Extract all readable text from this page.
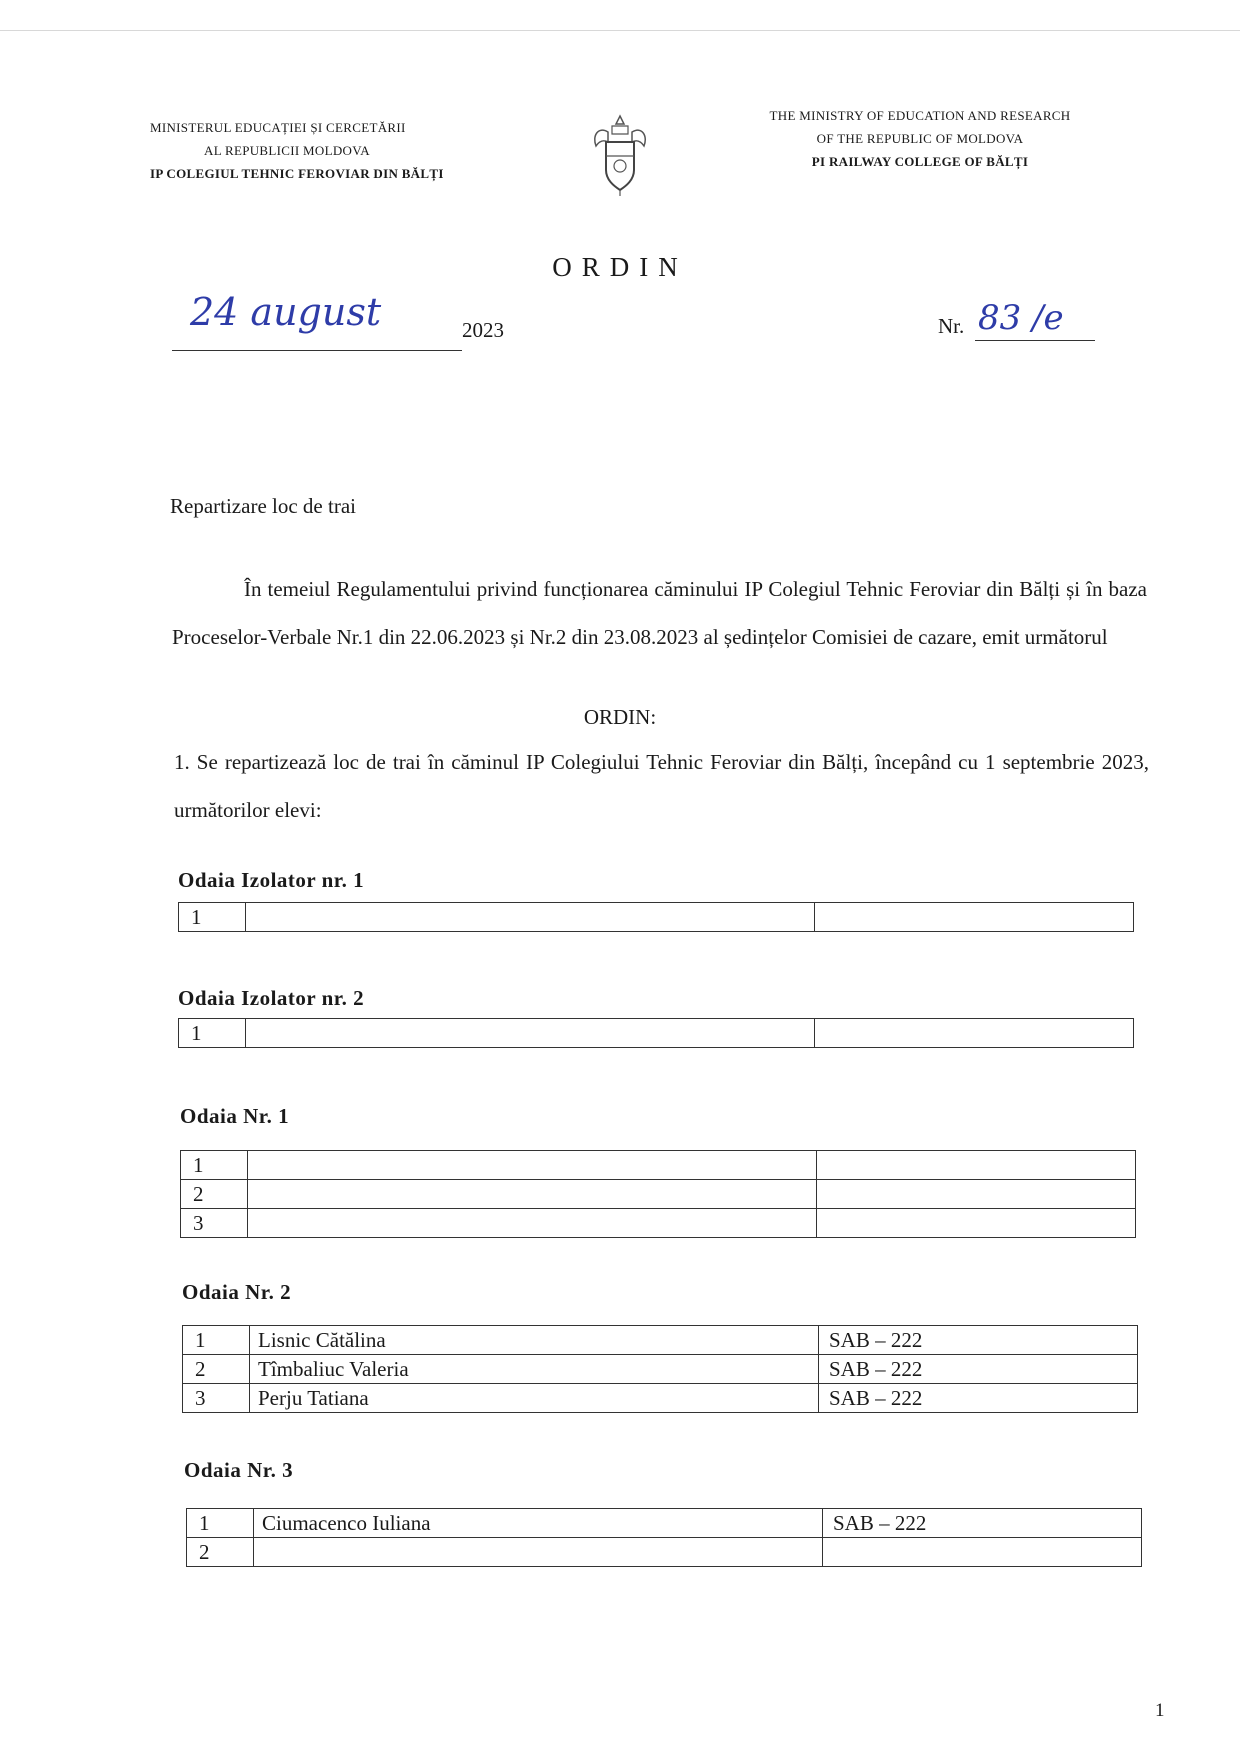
MINISTERUL EDUCAȚIEI ȘI CERCETĂRII
AL REPUBLICII MOLDOVA
IP COLEGIUL TEHNIC FEROVIAR DIN BĂLȚI
THE MINISTRY OF EDUCATION AND RESEARCH
OF THE REPUBLIC OF MOLDOVA
PI RAILWAY COLLEGE OF BĂLȚI
ORDIN
24 august	2023	Nr. 83 /e
Repartizare loc de trai
În temeiul Regulamentului privind funcționarea căminului IP Colegiul Tehnic Feroviar din Bălți și în baza Proceselor-Verbale Nr.1 din 22.06.2023 și Nr.2 din 23.08.2023 al ședințelor Comisiei de cazare, emit următorul
ORDIN:
1. Se repartizează loc de trai în căminul IP Colegiului Tehnic Feroviar din Bălți, începând cu 1 septembrie 2023, următorilor elevi:
Odaia Izolator nr. 1
1		
Odaia Izolator nr. 2
1		
Odaia Nr. 1
1		
2		
3		
Odaia Nr. 2
1	Lisnic Cătălina	SAB – 222
2	Tîmbaliuc Valeria	SAB – 222
3	Perju Tatiana	SAB – 222
Odaia Nr. 3
1	Ciumacenco Iuliana	SAB – 222
2		
1
